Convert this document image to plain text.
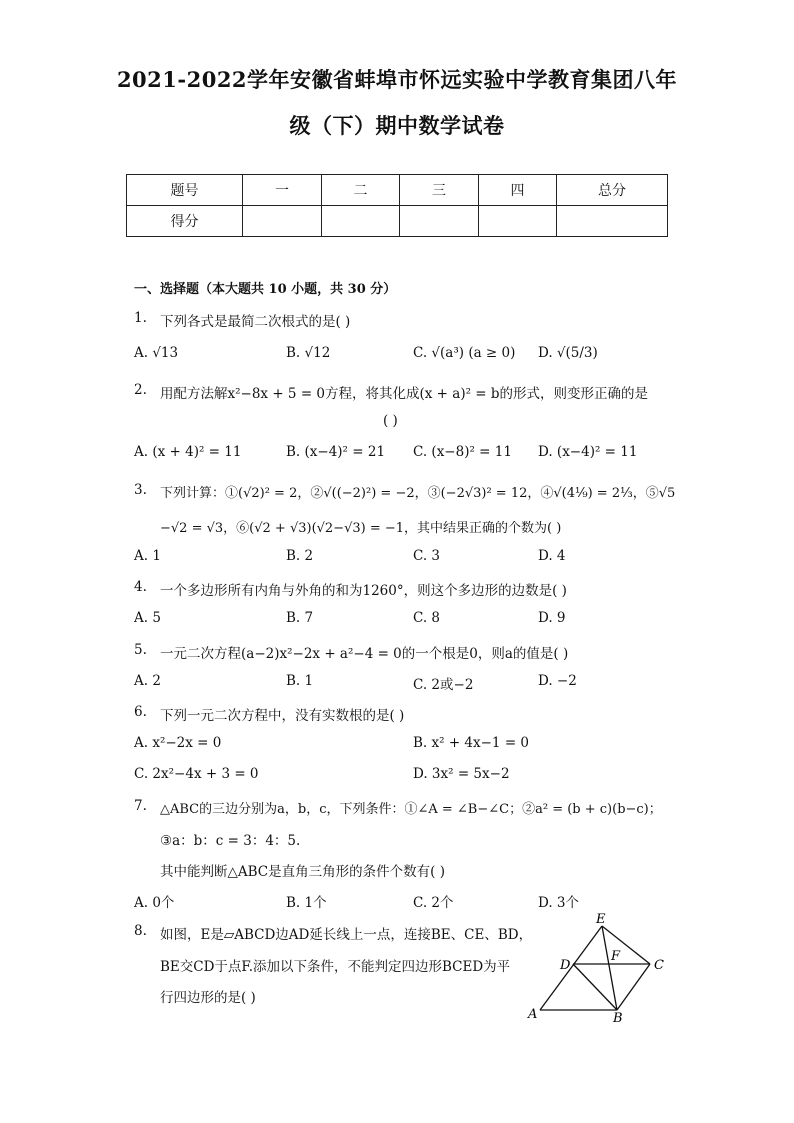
2021-2022学年安徽省蚌埠市怀远实验中学教育集团八年
级（下）期中数学试卷
题号	一	二	三	四	总分
得分					
一、选择题（本大题共 10 小题，共 30 分）
1. 下列各式是最简二次根式的是( )
A. √13	B. √12	C. √(a³) (a ≥ 0) D. √(5/3)
2. 用配方法解x²−8x + 5 = 0方程，将其化成(x + a)² = b的形式，则变形正确的是
( )
A. (x + 4)² = 11	B. (x−4)² = 21 C. (x−8)² = 11 D. (x−4)² = 11
3. 下列计算：①(√2)² = 2，②√((−2)²) = −2，③(−2√3)² = 12，④√(4⅑) = 2⅓，⑤√5
−√2 = √3，⑥(√2 + √3)(√2−√3) = −1，其中结果正确的个数为( )
A. 1	B. 2	C. 3	D. 4
4. 一个多边形所有内角与外角的和为1260°，则这个多边形的边数是( )
A. 5	B. 7	C. 8	D. 9
5. 一元二次方程(a−2)x²−2x + a²−4 = 0的一个根是0，则a的值是( )
A. 2	B. 1	C. 2或−2	D. −2
6. 下列一元二次方程中，没有实数根的是( )
A. x²−2x = 0	B. x² + 4x−1 = 0
C. 2x²−4x + 3 = 0	D. 3x² = 5x−2
7. △ABC的三边分别为a，b，c，下列条件：①∠A = ∠B−∠C；②a² = (b + c)(b−c)；
③a：b：c = 3：4：5.
其中能判断△ABC是直角三角形的条件个数有( )
A. 0个	B. 1个	C. 2个	D. 3个
8. 如图，E是▱ABCD边AD延长线上一点，连接BE、CE、BD，
BE交CD于点F.添加以下条件，不能判定四边形BCED为平
行四边形的是( )
E
D
F
C
A	B
